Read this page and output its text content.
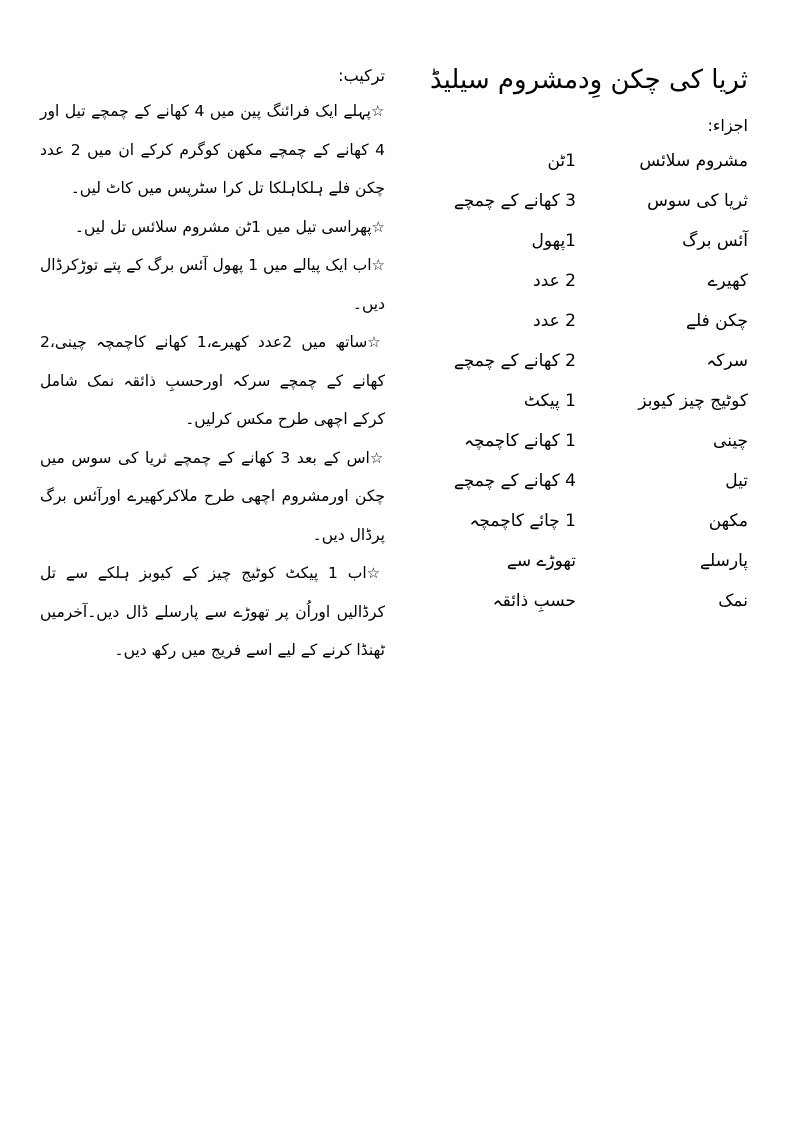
ثریا کی چکن وِدمشروم سیلیڈ
اجزاء:
مشروم سلائس
1ٹن
ثریا کی سوس
3 کھانے کے چمچے
آئس برگ
1پھول
کھیرے
2 عدد
چکن فلے
2 عدد
سرکہ
2 کھانے کے چمچے
کوٹیج چیز کیوبز
1 پیکٹ
چینی
1 کھانے کاچمچہ
تیل
4 کھانے کے چمچے
مکھن
1 چائے کاچمچہ
پارسلے
تھوڑے سے
نمک
حسبِ ذائقہ
ترکیب:

☆پہلے ایک فرائنگ پین میں 4 کھانے کے چمچے تیل اور 4 کھانے کے چمچے مکھن کوگرم کرکے ان میں 2 عدد چکن فلے ہلکاہلکا تل کرا سٹرپس میں کاٹ لیں۔

☆پھراسی تیل میں 1ٹن مشروم سلائس تل لیں۔

☆اب ایک پیالے میں 1 پھول آئس برگ کے پتے توڑکرڈال دیں۔

☆ساتھ میں 2عدد کھیرے،1 کھانے کاچمچہ چینی،2 کھانے کے چمچے سرکہ اورحسبِ ذائقہ نمک شامل کرکے اچھی طرح مکس کرلیں۔

☆اس کے بعد 3 کھانے کے چمچے ثریا کی سوس میں چکن اورمشروم اچھی طرح ملاکرکھیرے اورآئس برگ پرڈال دیں۔

☆اب 1 پیکٹ کوٹیج چیز کے کیوبز ہلکے سے تل کرڈالیں اوراُن پر تھوڑے سے پارسلے ڈال دیں۔آخرمیں ٹھنڈا کرنے کے لیے اسے فریج میں رکھ دیں۔
